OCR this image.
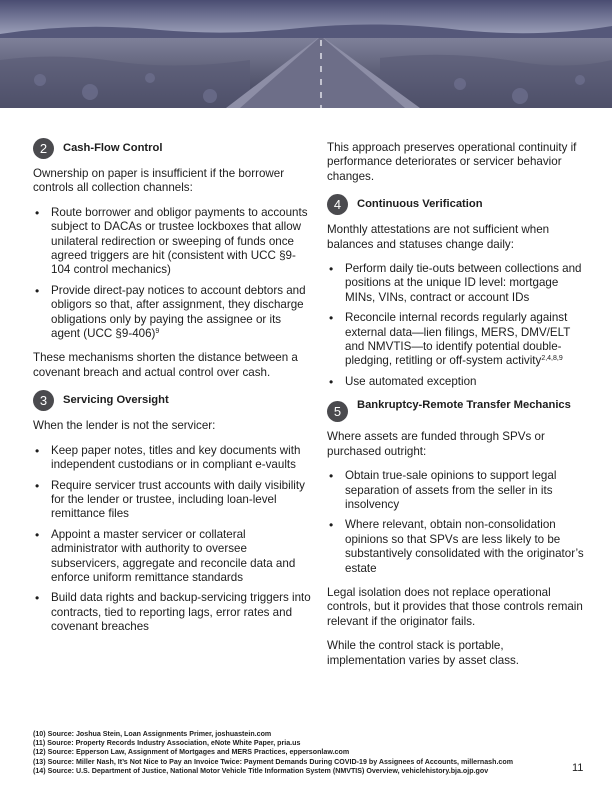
2	Cash-Flow Control

Ownership on paper is insufficient if the borrower controls all collection channels:

• Route borrower and obligor payments to accounts subject to DACAs or trustee lockboxes that allow unilateral redirection or sweeping of funds once agreed triggers are hit (consistent with UCC §9-104 control mechanics)
• Provide direct-pay notices to account debtors and obligors so that, after assignment, they discharge obligations only by paying the assignee or its agent (UCC §9-406)$^9$

These mechanisms shorten the distance between a covenant breach and actual control over cash.

3	Servicing Oversight

When the lender is not the servicer:

• Keep paper notes, titles and key documents with independent custodians or in compliant e-vaults
• Require servicer trust accounts with daily visibility for the lender or trustee, including loan-level remittance files
• Appoint a master servicer or collateral administrator with authority to oversee subservicers, aggregate and reconcile data and enforce uniform remittance standards
• Build data rights and backup-servicing triggers into contracts, tied to reporting lags, error rates and covenant breaches

This approach preserves operational continuity if performance deteriorates or servicer behavior changes.

4	Continuous Verification

Monthly attestations are not sufficient when balances and statuses change daily:

• Perform daily tie-outs between collections and positions at the unique ID level: mortgage MINs, VINs, contract or account IDs
• Reconcile internal records regularly against external data—lien filings, MERS, DMV/ELT and NMVTIS—to identify potential double-pledging, retitling or off-system activity$^{2,4,8,9}$
• Use automated exception
5	Bankruptcy-Remote Transfer Mechanics

Where assets are funded through SPVs or purchased outright:

• Obtain true-sale opinions to support legal separation of assets from the seller in its insolvency
• Where relevant, obtain non-consolidation opinions so that SPVs are less likely to be substantively consolidated with the originator’s estate

Legal isolation does not replace operational controls, but it provides that those controls remain relevant if the originator fails.

While the control stack is portable, implementation varies by asset class.

(10) Source: Joshua Stein, Loan Assignments Primer, joshuastein.com
(11) Source: Property Records Industry Association, eNote White Paper, pria.us
(12) Source: Epperson Law, Assignment of Mortgages and MERS Practices, eppersonlaw.com
(13) Source: Miller Nash, It’s Not Nice to Pay an Invoice Twice: Payment Demands During COVID-19 by Assignees of Accounts, millernash.com
(14) Source: U.S. Department of Justice, National Motor Vehicle Title Information System (NMVTIS) Overview, vehiclehistory.bja.ojp.gov	11
